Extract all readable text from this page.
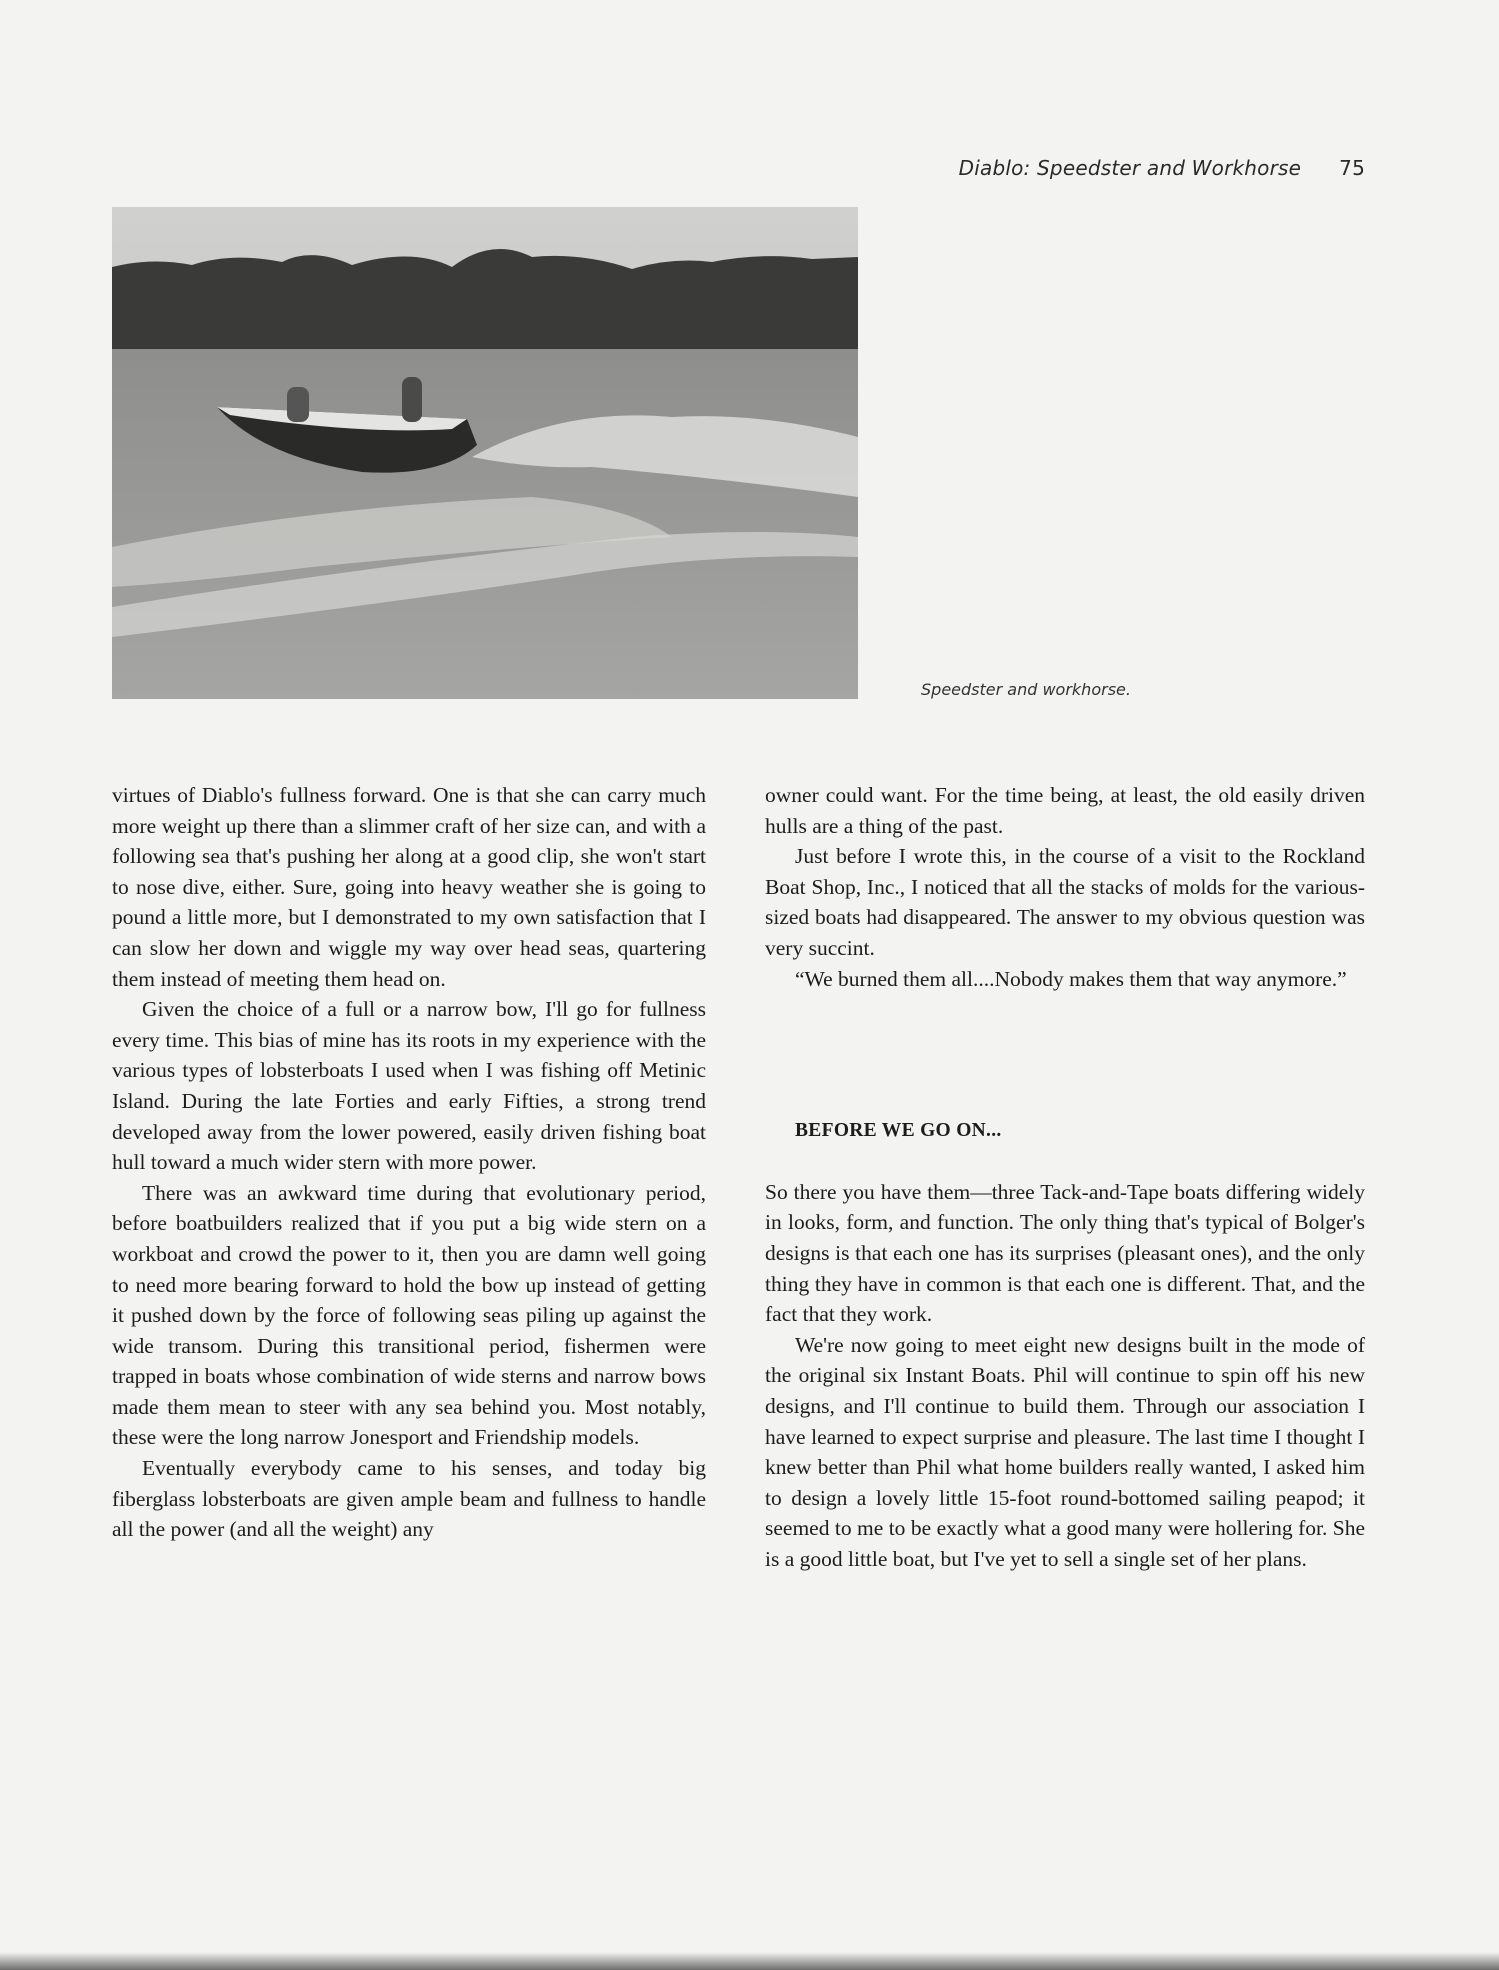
Diablo: Speedster and Workhorse 75
Speedster and workhorse.

virtues of Diablo's fullness forward. One is that she can carry much more weight up there than a slimmer craft of her size can, and with a following sea that's pushing her along at a good clip, she won't start to nose dive, either. Sure, going into heavy weather she is going to pound a little more, but I demonstrated to my own satisfaction that I can slow her down and wiggle my way over head seas, quartering them instead of meeting them head on.

Given the choice of a full or a narrow bow, I'll go for fullness every time. This bias of mine has its roots in my experience with the various types of lobsterboats I used when I was fishing off Metinic Island. During the late Forties and early Fifties, a strong trend developed away from the lower powered, easily driven fishing boat hull toward a much wider stern with more power.

There was an awkward time during that evolutionary period, before boatbuilders realized that if you put a big wide stern on a workboat and crowd the power to it, then you are damn well going to need more bearing forward to hold the bow up instead of getting it pushed down by the force of following seas piling up against the wide transom. During this transitional period, fishermen were trapped in boats whose combination of wide sterns and narrow bows made them mean to steer with any sea behind you. Most notably, these were the long narrow Jonesport and Friendship models.

Eventually everybody came to his senses, and today big fiberglass lobsterboats are given ample beam and fullness to handle all the power (and all the weight) any

owner could want. For the time being, at least, the old easily driven hulls are a thing of the past.

Just before I wrote this, in the course of a visit to the Rockland Boat Shop, Inc., I noticed that all the stacks of molds for the various-sized boats had disappeared. The answer to my obvious question was very succint.

“We burned them all....Nobody makes them that way anymore.”

BEFORE WE GO ON...

So there you have them—three Tack-and-Tape boats differing widely in looks, form, and function. The only thing that's typical of Bolger's designs is that each one has its surprises (pleasant ones), and the only thing they have in common is that each one is different. That, and the fact that they work.

We're now going to meet eight new designs built in the mode of the original six Instant Boats. Phil will continue to spin off his new designs, and I'll continue to build them. Through our association I have learned to expect surprise and pleasure. The last time I thought I knew better than Phil what home builders really wanted, I asked him to design a lovely little 15-foot round-bottomed sailing peapod; it seemed to me to be exactly what a good many were hollering for. She is a good little boat, but I've yet to sell a single set of her plans.
